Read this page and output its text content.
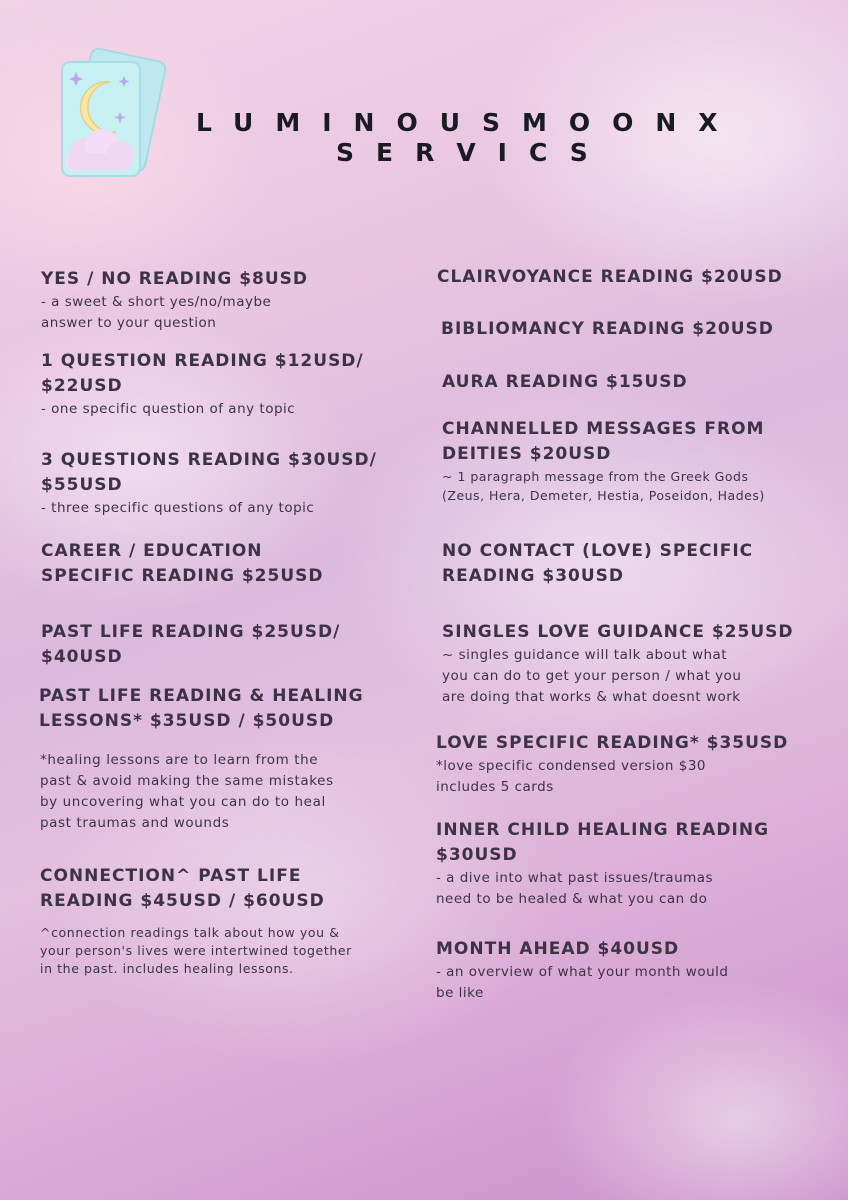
LUMINOUSMOONX
SERVICS
YES / NO READING $8USD
- a sweet & short yes/no/maybe
answer to your question
1 QUESTION READING $12USD/
$22USD
- one specific question of any topic
3 QUESTIONS READING $30USD/
$55USD
- three specific questions of any topic
CAREER / EDUCATION
SPECIFIC READING $25USD
PAST LIFE READING $25USD/
$40USD
PAST LIFE READING & HEALING
LESSONS* $35USD / $50USD
*healing lessons are to learn from the
past & avoid making the same mistakes
by uncovering what you can do to heal
past traumas and wounds
CONNECTION^ PAST LIFE
READING $45USD / $60USD
^connection readings talk about how you &
your person's lives were intertwined together
in the past. includes healing lessons.
CLAIRVOYANCE READING $20USD
BIBLIOMANCY READING $20USD
AURA READING $15USD
CHANNELLED MESSAGES FROM
DEITIES $20USD
~ 1 paragraph message from the Greek Gods
(Zeus, Hera, Demeter, Hestia, Poseidon, Hades)
NO CONTACT (LOVE) SPECIFIC
READING $30USD
SINGLES LOVE GUIDANCE $25USD
~ singles guidance will talk about what
you can do to get your person / what you
are doing that works & what doesnt work
LOVE SPECIFIC READING* $35USD
*love specific condensed version $30
includes 5 cards
INNER CHILD HEALING READING
$30USD
- a dive into what past issues/traumas
need to be healed & what you can do
MONTH AHEAD $40USD
- an overview of what your month would
be like
